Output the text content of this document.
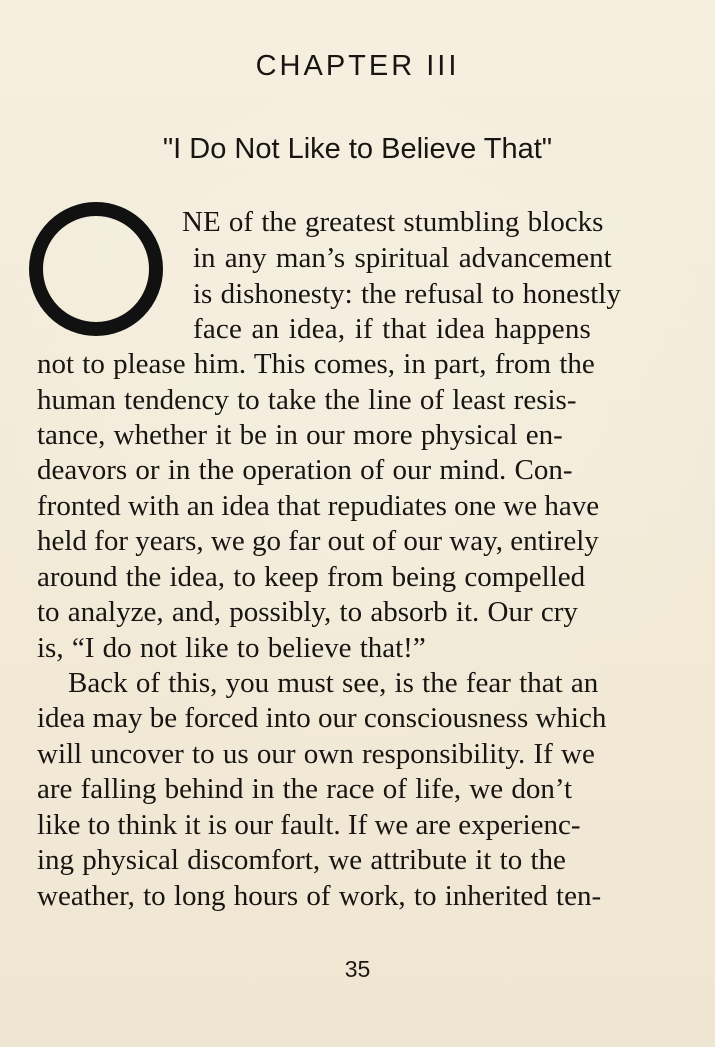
CHAPTER III
"I Do Not Like to Believe That"
NE of the greatest stumbling blocks
in any man’s spiritual advancement
is dishonesty: the refusal to honestly
face an idea, if that idea happens
not to please him. This comes, in part, from the
human tendency to take the line of least resis-
tance, whether it be in our more physical en-
deavors or in the operation of our mind. Con-
fronted with an idea that repudiates one we have
held for years, we go far out of our way, entirely
around the idea, to keep from being compelled
to analyze, and, possibly, to absorb it. Our cry
is, “I do not like to believe that!”
Back of this, you must see, is the fear that an
idea may be forced into our consciousness which
will uncover to us our own responsibility. If we
are falling behind in the race of life, we don’t
like to think it is our fault. If we are experienc-
ing physical discomfort, we attribute it to the
weather, to long hours of work, to inherited ten-
35
